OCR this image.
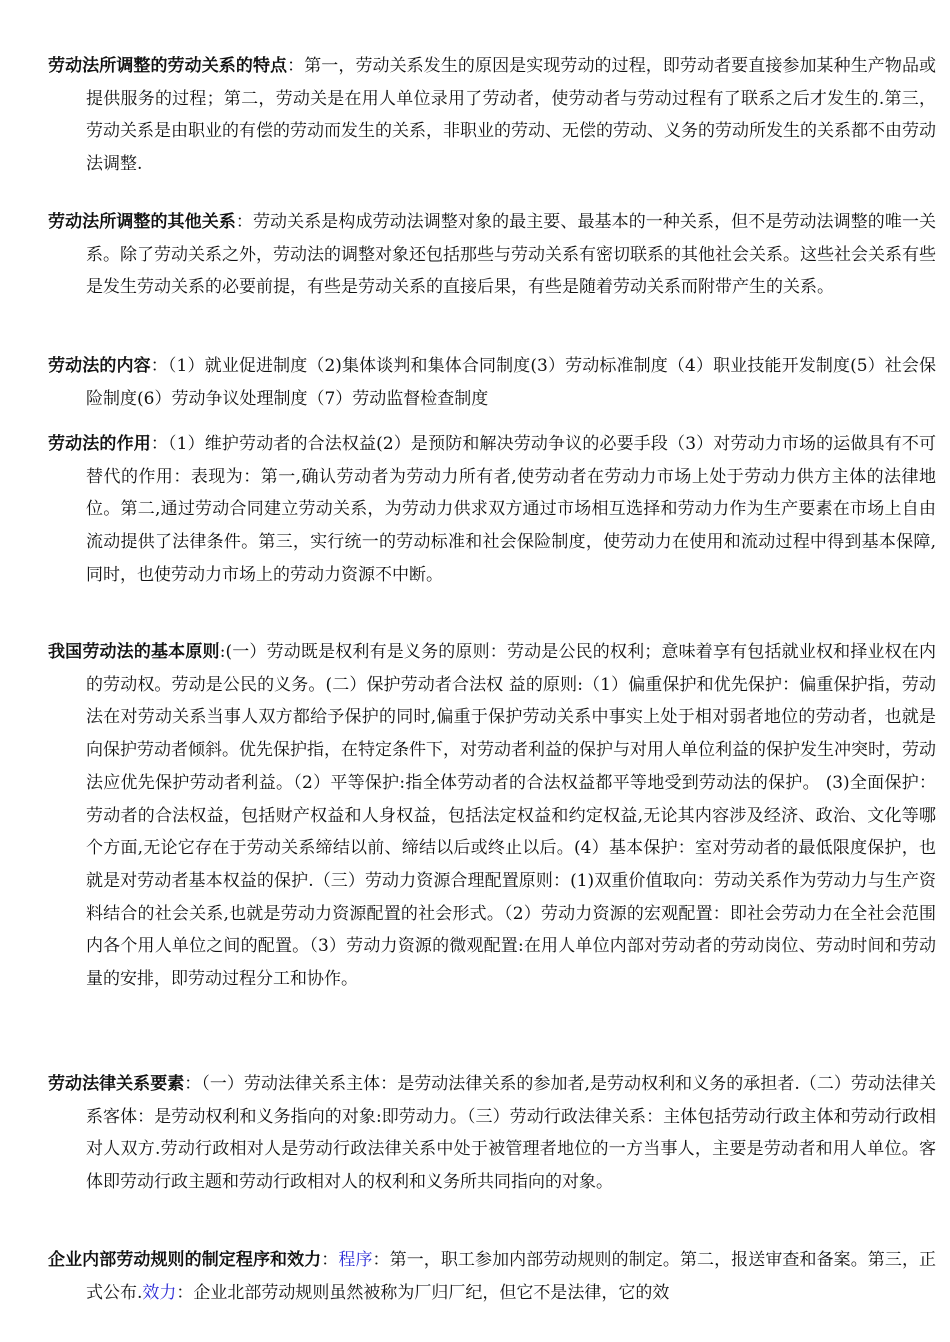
劳动法所调整的劳动关系的特点：第一，劳动关系发生的原因是实现劳动的过程，即劳动者要直接参加某种生产物品或提供服务的过程；第二，劳动关是在用人单位录用了劳动者，使劳动者与劳动过程有了联系之后才发生的.第三，劳动关系是由职业的有偿的劳动而发生的关系，非职业的劳动、无偿的劳动、义务的劳动所发生的关系都不由劳动法调整.

劳动法所调整的其他关系：劳动关系是构成劳动法调整对象的最主要、最基本的一种关系，但不是劳动法调整的唯一关系。除了劳动关系之外，劳动法的调整对象还包括那些与劳动关系有密切联系的其他社会关系。这些社会关系有些是发生劳动关系的必要前提，有些是劳动关系的直接后果，有些是随着劳动关系而附带产生的关系。

劳动法的内容：（1）就业促进制度（2)集体谈判和集体合同制度(3）劳动标准制度（4）职业技能开发制度(5）社会保险制度(6）劳动争议处理制度（7）劳动监督检查制度

劳动法的作用：（1）维护劳动者的合法权益(2）是预防和解决劳动争议的必要手段（3）对劳动力市场的运做具有不可替代的作用：表现为：第一,确认劳动者为劳动力所有者,使劳动者在劳动力市场上处于劳动力供方主体的法律地位。第二,通过劳动合同建立劳动关系，为劳动力供求双方通过市场相互选择和劳动力作为生产要素在市场上自由流动提供了法律条件。第三，实行统一的劳动标准和社会保险制度，使劳动力在使用和流动过程中得到基本保障,同时，也使劳动力市场上的劳动力资源不中断。

我国劳动法的基本原则:(一）劳动既是权利有是义务的原则：劳动是公民的权利；意味着享有包括就业权和择业权在内的劳动权。劳动是公民的义务。(二）保护劳动者合法权 益的原则:（1）偏重保护和优先保护：偏重保护指，劳动法在对劳动关系当事人双方都给予保护的同时,偏重于保护劳动关系中事实上处于相对弱者地位的劳动者，也就是向保护劳动者倾斜。优先保护指，在特定条件下，对劳动者利益的保护与对用人单位利益的保护发生冲突时，劳动法应优先保护劳动者利益。（2）平等保护:指全体劳动者的合法权益都平等地受到劳动法的保护。 (3)全面保护：劳动者的合法权益，包括财产权益和人身权益，包括法定权益和约定权益,无论其内容涉及经济、政治、文化等哪个方面,无论它存在于劳动关系缔结以前、缔结以后或终止以后。(4）基本保护：室对劳动者的最低限度保护，也就是对劳动者基本权益的保护.（三）劳动力资源合理配置原则：(1)双重价值取向：劳动关系作为劳动力与生产资料结合的社会关系,也就是劳动力资源配置的社会形式。（2）劳动力资源的宏观配置：即社会劳动力在全社会范围内各个用人单位之间的配置。（3）劳动力资源的微观配置:在用人单位内部对劳动者的劳动岗位、劳动时间和劳动量的安排，即劳动过程分工和协作。

劳动法律关系要素：（一）劳动法律关系主体：是劳动法律关系的参加者,是劳动权利和义务的承担者.（二）劳动法律关系客体：是劳动权利和义务指向的对象:即劳动力。（三）劳动行政法律关系：主体包括劳动行政主体和劳动行政相对人双方.劳动行政相对人是劳动行政法律关系中处于被管理者地位的一方当事人，主要是劳动者和用人单位。客体即劳动行政主题和劳动行政相对人的权利和义务所共同指向的对象。

企业内部劳动规则的制定程序和效力：程序：第一，职工参加内部劳动规则的制定。第二，报送审查和备案。第三，正式公布.效力：企业北部劳动规则虽然被称为厂归厂纪，但它不是法律，它的效
